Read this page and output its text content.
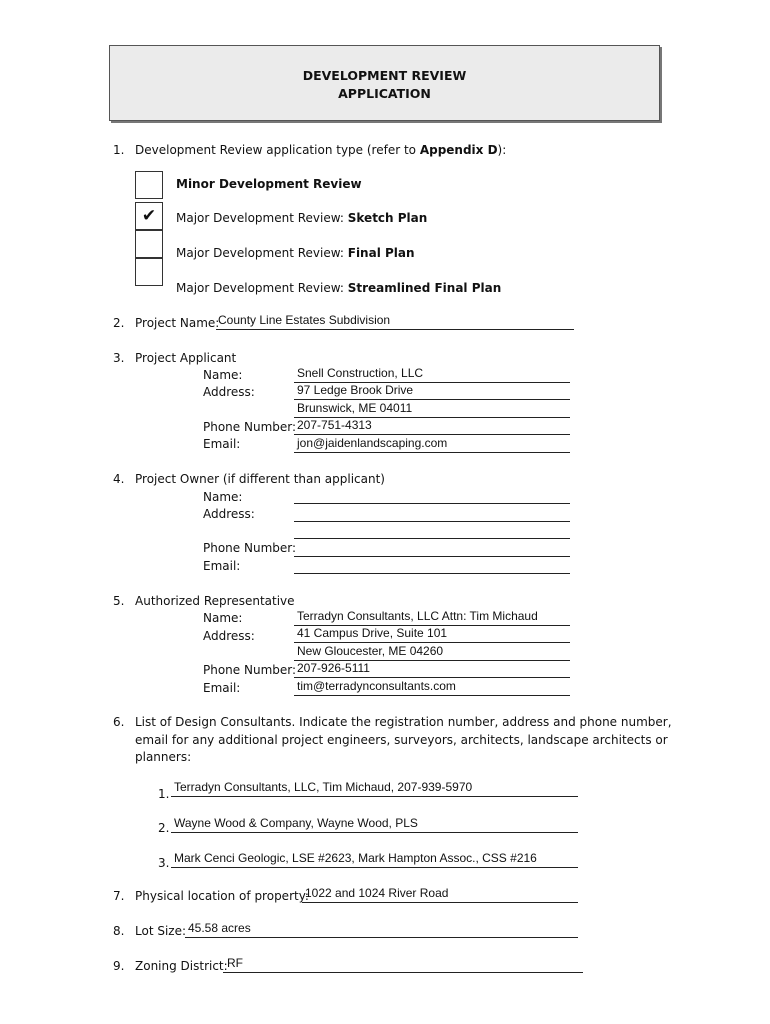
DEVELOPMENT REVIEW
APPLICATION
1. Development Review application type (refer to Appendix D):
✔
Minor Development Review
Major Development Review: Sketch Plan
Major Development Review: Final Plan
Major Development Review: Streamlined Final Plan
2. Project Name:
County Line Estates Subdivision
3. Project Applicant
Name:
Address:
Phone Number:
Email:
Snell Construction, LLC
97 Ledge Brook Drive
Brunswick, ME 04011
207-751-4313
jon@jaidenlandscaping.com
4. Project Owner (if different than applicant)
Name:
Address:
Phone Number:
Email:
5. Authorized Representative
Name:
Address:
Phone Number:
Email:
Terradyn Consultants, LLC Attn: Tim Michaud
41 Campus Drive, Suite 101
New Gloucester, ME 04260
207-926-5111
tim@terradynconsultants.com
6. List of Design Consultants. Indicate the registration number, address and phone number,
email for any additional project engineers, surveyors, architects, landscape architects or
planners:
1. Terradyn Consultants, LLC, Tim Michaud, 207-939-5970
2. Wayne Wood & Company, Wayne Wood, PLS
3. Mark Cenci Geologic, LSE #2623, Mark Hampton Assoc., CSS #216
7. Physical location of property:
1022 and 1024 River Road
8. Lot Size: 45.58 acres
9. Zoning District: RF
